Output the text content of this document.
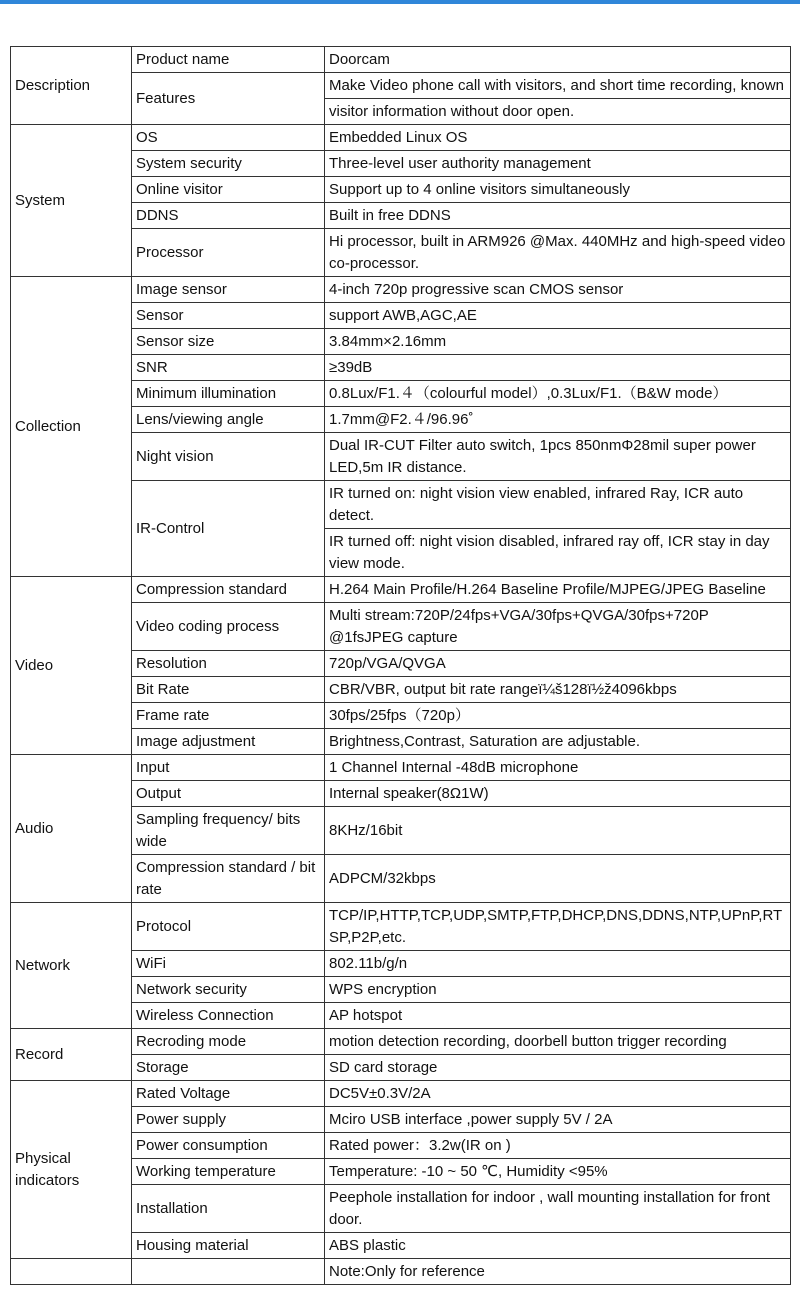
Description	Product name	Doorcam
	Features	Make Video phone call with visitors, and short time recording, known
		visitor information without door open.
System	OS	Embedded Linux OS
	System security	Three-level user authority management
	Online visitor	Support up to 4 online visitors simultaneously
	DDNS	Built in free DDNS
	Processor	Hi processor, built in ARM926 @Max. 440MHz and high-speed video co-processor.
Collection	Image sensor	4-inch 720p progressive scan CMOS sensor
	Sensor	support AWB,AGC,AE
	Sensor size	3.84mm×2.16mm
	SNR	≥39dB
	Minimum illumination	0.8Lux/F1.４（colourful model）,0.3Lux/F1.（B&W mode）
	Lens/viewing angle	1.7mm@F2.４/96.96˚
	Night vision	Dual IR-CUT Filter auto switch, 1pcs 850nmΦ28mil super power LED,5m IR distance.
	IR-Control	IR turned on: night vision view enabled, infrared Ray, ICR auto detect.
		IR turned off: night vision disabled, infrared ray off, ICR stay in day view mode.
Video	Compression standard	H.264 Main Profile/H.264 Baseline Profile/MJPEG/JPEG Baseline
	Video coding process	Multi stream:720P/24fps+VGA/30fps+QVGA/30fps+720P @1fsJPEG capture
	Resolution	720p/VGA/QVGA
	Bit Rate	CBR/VBR, output bit rate rangeï¼š128ï½ž4096kbps
	Frame rate	30fps/25fps（720p）
	Image adjustment	Brightness,Contrast, Saturation are adjustable.
Audio	Input	1 Channel Internal -48dB microphone
	Output	Internal speaker(8Ω1W)
	Sampling frequency/ bits wide	8KHz/16bit
	Compression standard / bit rate	ADPCM/32kbps
Network	Protocol	TCP/IP,HTTP,TCP,UDP,SMTP,FTP,DHCP,DNS,DDNS,NTP,UPnP,RTSP,P2P,etc.
	WiFi	802.11b/g/n
	Network security	WPS encryption
	Wireless Connection	AP hotspot
Record	Recroding mode	motion detection recording, doorbell button trigger recording
	Storage	SD card storage
Physical indicators	Rated Voltage	DC5V±0.3V/2A
	Power supply	Mciro USB interface ,power supply 5V / 2A
	Power consumption	Rated power：3.2w(IR on )
	Working temperature	Temperature: -10 ~ 50 ℃, Humidity <95%
	Installation	Peephole installation for indoor , wall mounting installation for front door.
	Housing material	ABS plastic
		Note:Only for reference
